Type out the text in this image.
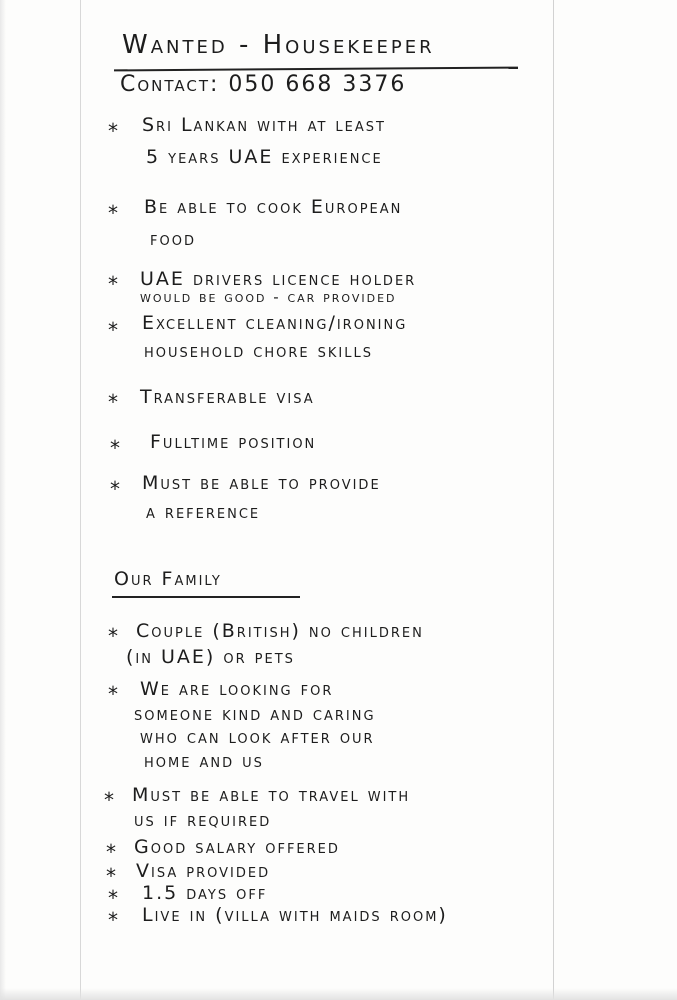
Wanted - Housekeeper
Contact: 050 668 3376
* Sri Lankan with at least
5 years UAE experience
* Be able to cook European
food
* UAE drivers licence holder
would be good - car provided
* Excellent cleaning/ironing
household chore skills
* Transferable visa
* Fulltime position
* Must be able to provide
a reference
Our Family
* Couple (British) no children
(in UAE) or pets
* We are looking for
someone kind and caring
who can look after our
home and us
* Must be able to travel with
us if required
* Good salary offered
* Visa provided
* 1.5 days off
* Live in (villa with maids room)
